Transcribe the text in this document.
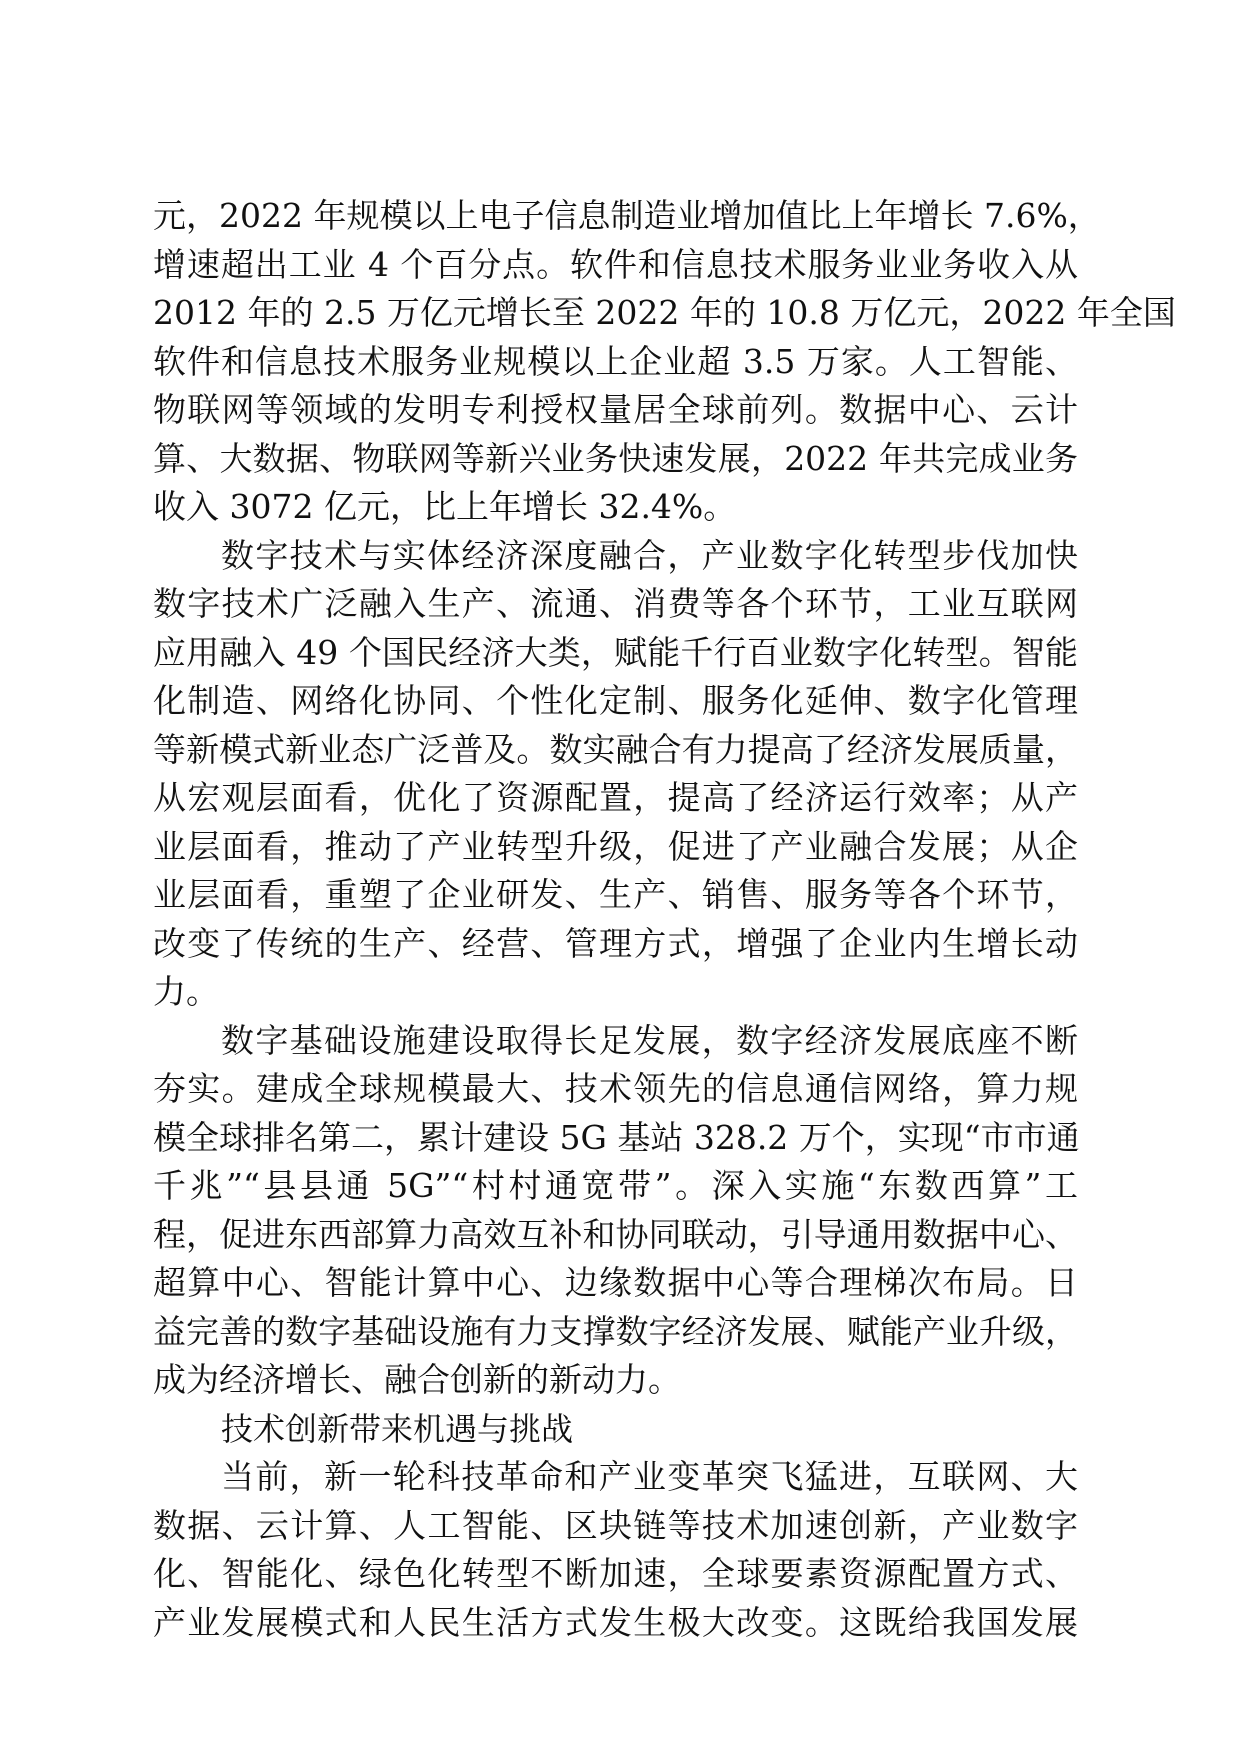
元，2022 年规模以上电子信息制造业增加值比上年增长 7.6%，
增速超出工业 4 个百分点。软件和信息技术服务业业务收入从
2012 年的 2.5 万亿元增长至 2022 年的 10.8 万亿元，2022 年全国
软件和信息技术服务业规模以上企业超 3.5 万家。人工智能、
物联网等领域的发明专利授权量居全球前列。数据中心、云计
算、大数据、物联网等新兴业务快速发展，2022 年共完成业务
收入 3072 亿元，比上年增长 32.4%。
数字技术与实体经济深度融合，产业数字化转型步伐加快
数字技术广泛融入生产、流通、消费等各个环节，工业互联网
应用融入 49 个国民经济大类，赋能千行百业数字化转型。智能
化制造、网络化协同、个性化定制、服务化延伸、数字化管理
等新模式新业态广泛普及。数实融合有力提高了经济发展质量，
从宏观层面看，优化了资源配置，提高了经济运行效率；从产
业层面看，推动了产业转型升级，促进了产业融合发展；从企
业层面看，重塑了企业研发、生产、销售、服务等各个环节，
改变了传统的生产、经营、管理方式，增强了企业内生增长动
力。
数字基础设施建设取得长足发展，数字经济发展底座不断
夯实。建成全球规模最大、技术领先的信息通信网络，算力规
模全球排名第二，累计建设 5G 基站 328.2 万个，实现“市市通
千兆”“县县通 5G”“村村通宽带”。深入实施“东数西算”工
程，促进东西部算力高效互补和协同联动，引导通用数据中心、
超算中心、智能计算中心、边缘数据中心等合理梯次布局。日
益完善的数字基础设施有力支撑数字经济发展、赋能产业升级，
成为经济增长、融合创新的新动力。
技术创新带来机遇与挑战
当前，新一轮科技革命和产业变革突飞猛进，互联网、大
数据、云计算、人工智能、区块链等技术加速创新，产业数字
化、智能化、绿色化转型不断加速，全球要素资源配置方式、
产业发展模式和人民生活方式发生极大改变。这既给我国发展
